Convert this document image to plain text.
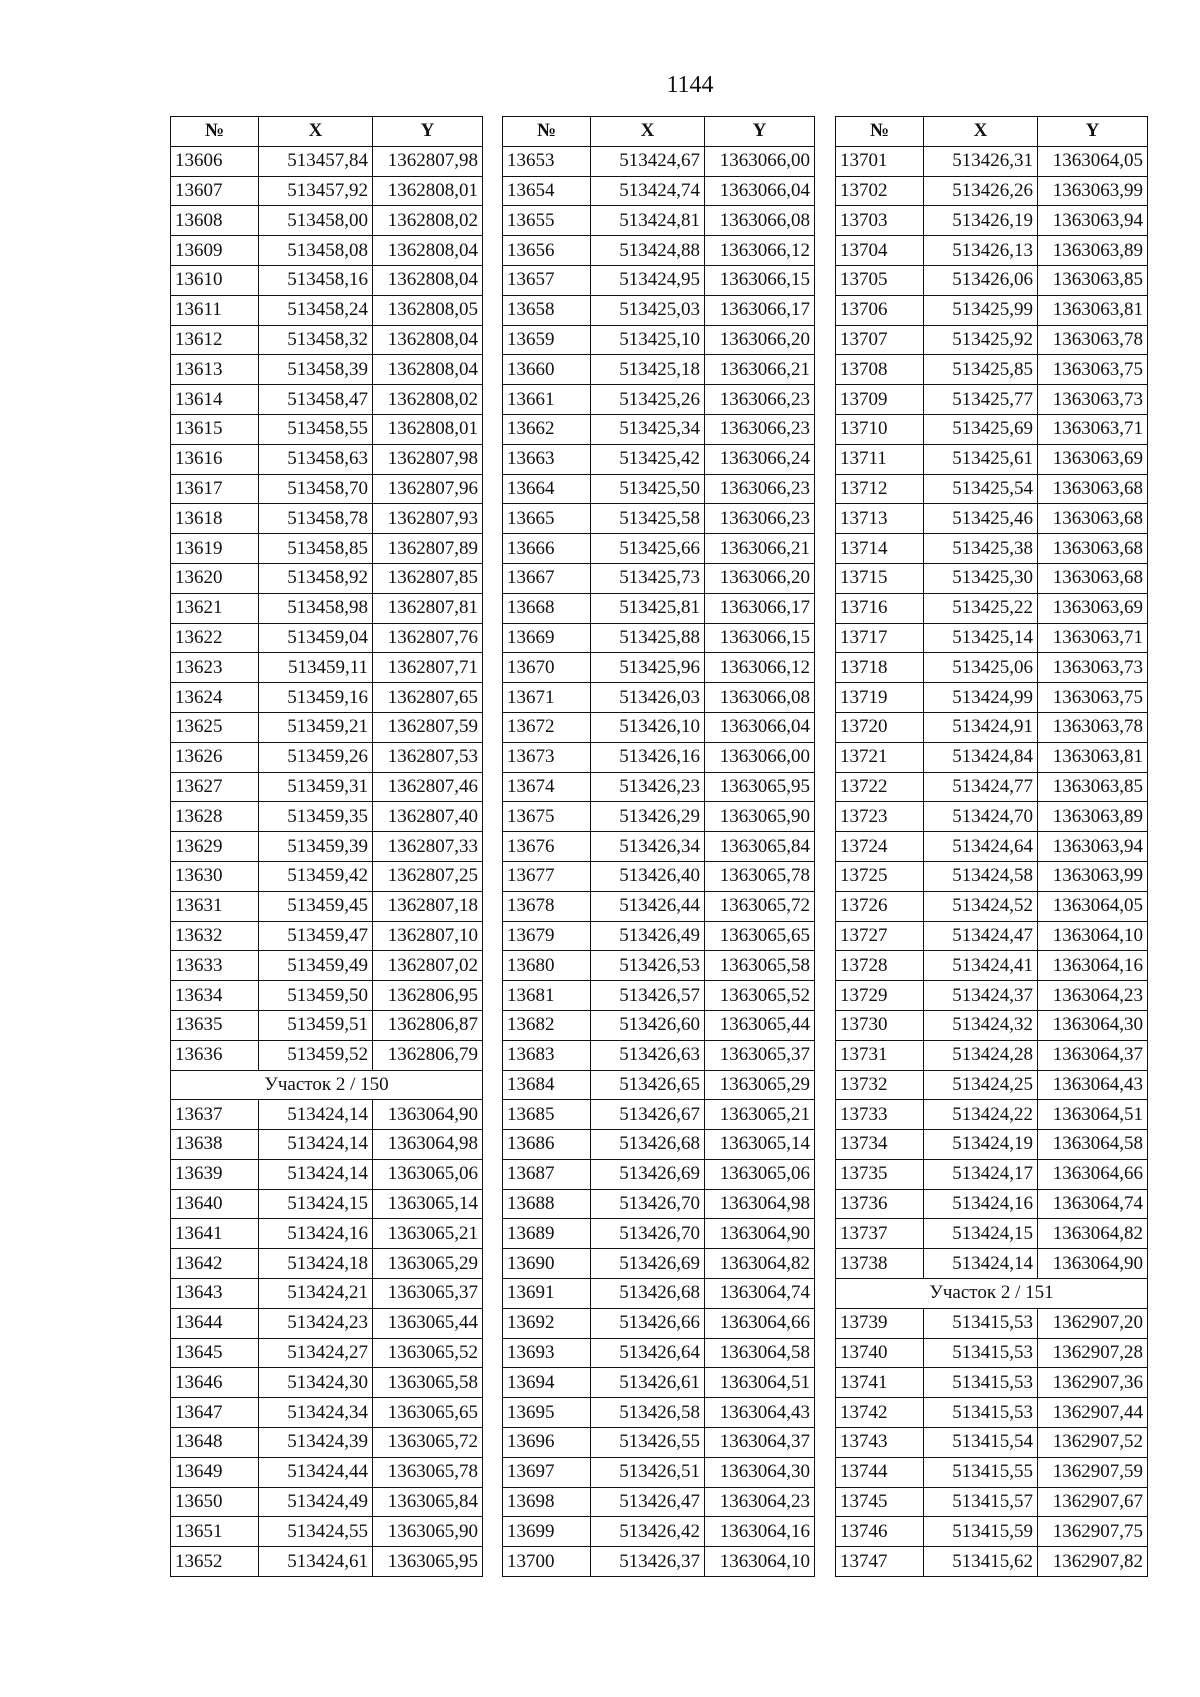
1144
№	X	Y
13606	513457,84	1362807,98
13607	513457,92	1362808,01
13608	513458,00	1362808,02
13609	513458,08	1362808,04
13610	513458,16	1362808,04
13611	513458,24	1362808,05
13612	513458,32	1362808,04
13613	513458,39	1362808,04
13614	513458,47	1362808,02
13615	513458,55	1362808,01
13616	513458,63	1362807,98
13617	513458,70	1362807,96
13618	513458,78	1362807,93
13619	513458,85	1362807,89
13620	513458,92	1362807,85
13621	513458,98	1362807,81
13622	513459,04	1362807,76
13623	513459,11	1362807,71
13624	513459,16	1362807,65
13625	513459,21	1362807,59
13626	513459,26	1362807,53
13627	513459,31	1362807,46
13628	513459,35	1362807,40
13629	513459,39	1362807,33
13630	513459,42	1362807,25
13631	513459,45	1362807,18
13632	513459,47	1362807,10
13633	513459,49	1362807,02
13634	513459,50	1362806,95
13635	513459,51	1362806,87
13636	513459,52	1362806,79
Участок 2 / 150		
13637	513424,14	1363064,90
13638	513424,14	1363064,98
13639	513424,14	1363065,06
13640	513424,15	1363065,14
13641	513424,16	1363065,21
13642	513424,18	1363065,29
13643	513424,21	1363065,37
13644	513424,23	1363065,44
13645	513424,27	1363065,52
13646	513424,30	1363065,58
13647	513424,34	1363065,65
13648	513424,39	1363065,72
13649	513424,44	1363065,78
13650	513424,49	1363065,84
13651	513424,55	1363065,90
13652	513424,61	1363065,95
№	X	Y
13653	513424,67	1363066,00
13654	513424,74	1363066,04
13655	513424,81	1363066,08
13656	513424,88	1363066,12
13657	513424,95	1363066,15
13658	513425,03	1363066,17
13659	513425,10	1363066,20
13660	513425,18	1363066,21
13661	513425,26	1363066,23
13662	513425,34	1363066,23
13663	513425,42	1363066,24
13664	513425,50	1363066,23
13665	513425,58	1363066,23
13666	513425,66	1363066,21
13667	513425,73	1363066,20
13668	513425,81	1363066,17
13669	513425,88	1363066,15
13670	513425,96	1363066,12
13671	513426,03	1363066,08
13672	513426,10	1363066,04
13673	513426,16	1363066,00
13674	513426,23	1363065,95
13675	513426,29	1363065,90
13676	513426,34	1363065,84
13677	513426,40	1363065,78
13678	513426,44	1363065,72
13679	513426,49	1363065,65
13680	513426,53	1363065,58
13681	513426,57	1363065,52
13682	513426,60	1363065,44
13683	513426,63	1363065,37
13684	513426,65	1363065,29
13685	513426,67	1363065,21
13686	513426,68	1363065,14
13687	513426,69	1363065,06
13688	513426,70	1363064,98
13689	513426,70	1363064,90
13690	513426,69	1363064,82
13691	513426,68	1363064,74
13692	513426,66	1363064,66
13693	513426,64	1363064,58
13694	513426,61	1363064,51
13695	513426,58	1363064,43
13696	513426,55	1363064,37
13697	513426,51	1363064,30
13698	513426,47	1363064,23
13699	513426,42	1363064,16
13700	513426,37	1363064,10
№	X	Y
13701	513426,31	1363064,05
13702	513426,26	1363063,99
13703	513426,19	1363063,94
13704	513426,13	1363063,89
13705	513426,06	1363063,85
13706	513425,99	1363063,81
13707	513425,92	1363063,78
13708	513425,85	1363063,75
13709	513425,77	1363063,73
13710	513425,69	1363063,71
13711	513425,61	1363063,69
13712	513425,54	1363063,68
13713	513425,46	1363063,68
13714	513425,38	1363063,68
13715	513425,30	1363063,68
13716	513425,22	1363063,69
13717	513425,14	1363063,71
13718	513425,06	1363063,73
13719	513424,99	1363063,75
13720	513424,91	1363063,78
13721	513424,84	1363063,81
13722	513424,77	1363063,85
13723	513424,70	1363063,89
13724	513424,64	1363063,94
13725	513424,58	1363063,99
13726	513424,52	1363064,05
13727	513424,47	1363064,10
13728	513424,41	1363064,16
13729	513424,37	1363064,23
13730	513424,32	1363064,30
13731	513424,28	1363064,37
13732	513424,25	1363064,43
13733	513424,22	1363064,51
13734	513424,19	1363064,58
13735	513424,17	1363064,66
13736	513424,16	1363064,74
13737	513424,15	1363064,82
13738	513424,14	1363064,90
Участок 2 / 151		
13739	513415,53	1362907,20
13740	513415,53	1362907,28
13741	513415,53	1362907,36
13742	513415,53	1362907,44
13743	513415,54	1362907,52
13744	513415,55	1362907,59
13745	513415,57	1362907,67
13746	513415,59	1362907,75
13747	513415,62	1362907,82
